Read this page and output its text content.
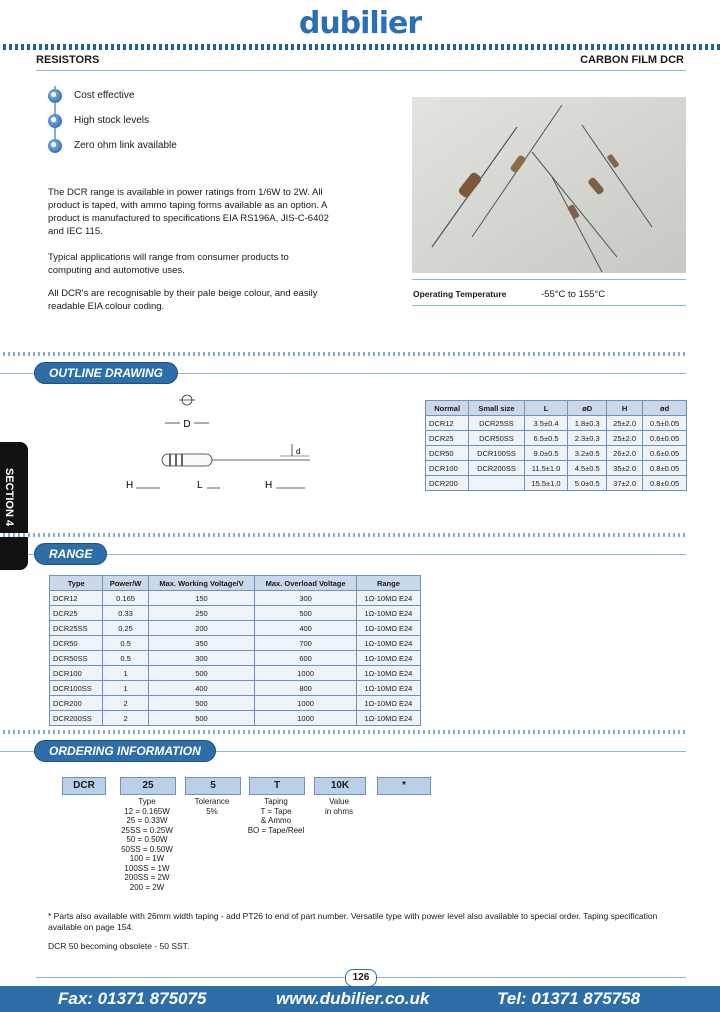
dubilier
RESISTORS	CARBON FILM DCR
Cost effective
High stock levels
Zero ohm link available
The DCR range is available in power ratings from 1/6W to 2W. All product is taped, with ammo taping forms available as an option. A product is manufactured to specifications EIA RS196A, JIS-C-6402 and IEC 115.
Typical applications will range from consumer products to computing and automotive uses.
All DCR's are recognisable by their pale beige colour, and easily readable EIA colour coding.
Operating Temperature	-55°C to 155°C
OUTLINE DRAWING
D
d
H	L	H
Normal	Small size	L	øD	H	ød
DCR12	DCR25SS	3.5±0.4	1.8±0.3	25±2.0	0.5±0.05
DCR25	DCR50SS	6.5±0.5	2.3±0.3	25±2.0	0.6±0.05
DCR50	DCR100SS	9.0±0.5	3.2±0.5	26±2.0	0.6±0.05
DCR100	DCR200SS	11.5±1.0	4.5±0.5	35±2.0	0.8±0.05
DCR200		15.5±1.0	5.0±0.5	37±2.0	0.8±0.05
SECTION 4
RANGE
Type	Power/W	Max. Working Voltage/V	Max. Overload Voltage	Range
DCR12	0.165	150	300	1Ω-10MΩ E24
DCR25	0.33	250	500	1Ω-10MΩ E24
DCR25SS	0.25	200	400	1Ω-10MΩ E24
DCR50	0.5	350	700	1Ω-10MΩ E24
DCR50SS	0.5	300	600	1Ω-10MΩ E24
DCR100	1	500	1000	1Ω-10MΩ E24
DCR100SS	1	400	800	1Ω-10MΩ E24
DCR200	2	500	1000	1Ω-10MΩ E24
DCR200SS	2	500	1000	1Ω-10MΩ E24
ORDERING INFORMATION
DCR	25	5	T	10K	*
Type
12 = 0.165W
25 = 0.33W
25SS = 0.25W
50 = 0.50W
50SS = 0.50W
100 = 1W
100SS = 1W
200SS = 2W
200 = 2W
Tolerance
5%
Taping
T = Tape
& Ammo
BO = Tape/Reel
Value
in ohms
* Parts also available with 26mm width taping - add PT26 to end of part number. Versatile type with power level also available to special order. Taping specification available on page 154.
DCR 50 becoming obsolete - 50 SST.
126
Fax: 01371 875075	www.dubilier.co.uk	Tel: 01371 875758
